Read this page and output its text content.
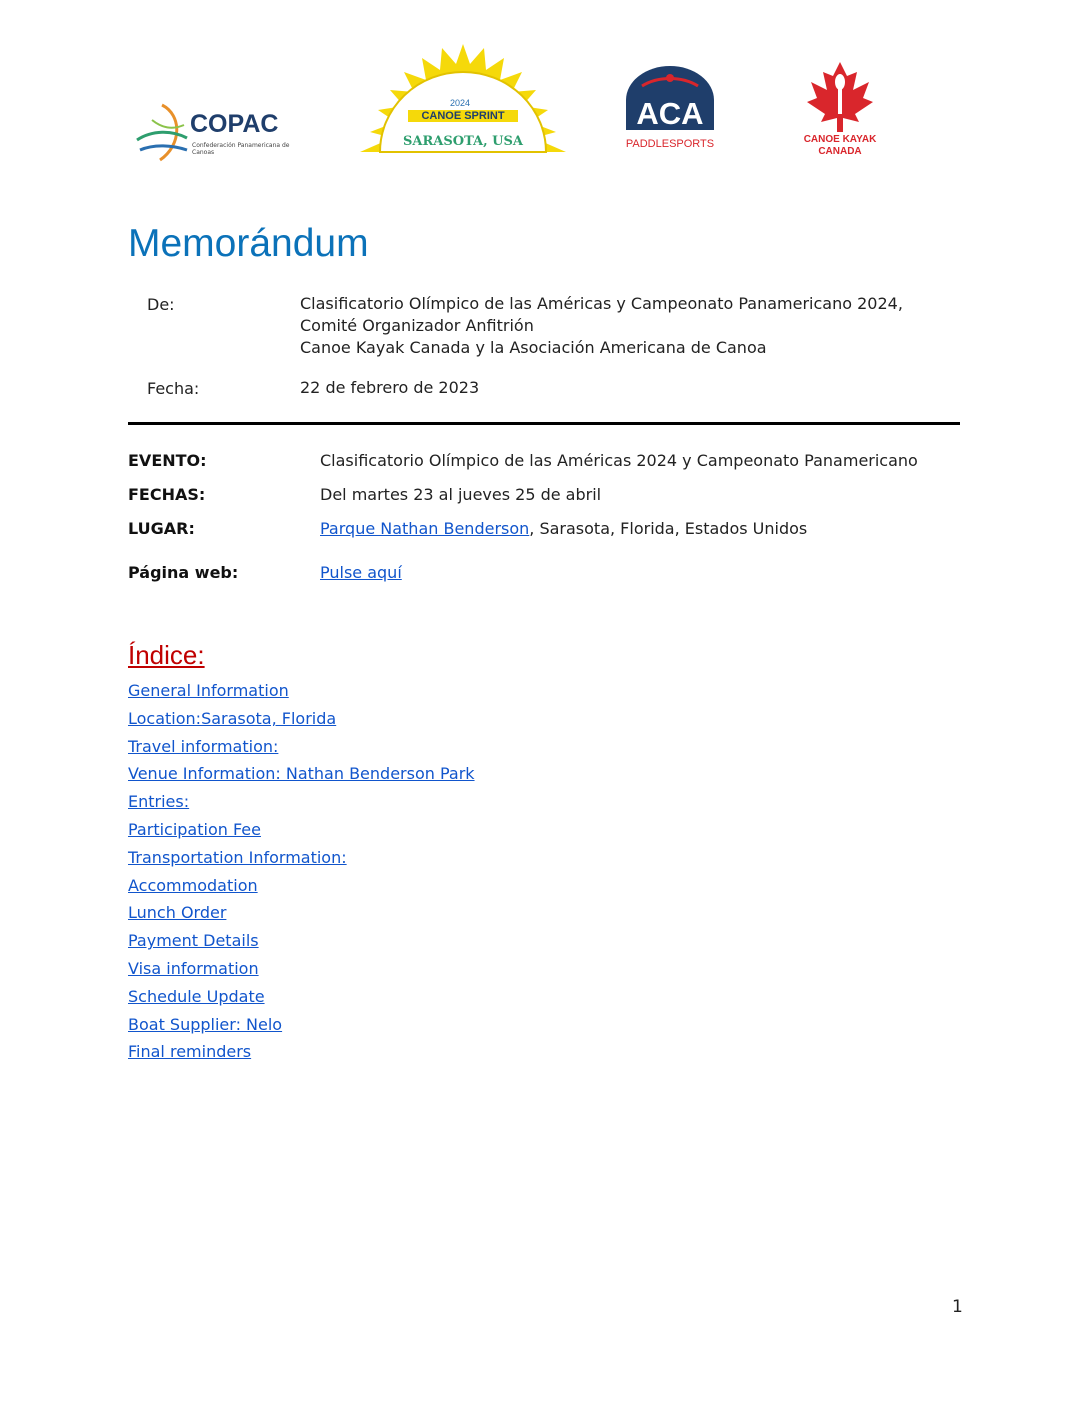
COPAC
Confederación Panamericana de Canoas
2024
CANOE SPRINT
SARASOTA, USA
ACA
PADDLESPORTS	CANOE KAYAK
CANADA
Memorándum
De:	Clasificatorio Olímpico de las Américas y Campeonato Panamericano 2024,
Comité Organizador Anfitrión
Canoe Kayak Canada y la Asociación Americana de Canoa
Fecha:	22 de febrero de 2023
EVENTO:	Clasificatorio Olímpico de las Américas 2024 y Campeonato Panamericano
FECHAS:	Del martes 23 al jueves 25 de abril
LUGAR:	Parque Nathan Benderson, Sarasota, Florida, Estados Unidos
Página web:	Pulse aquí
Índice:
General Information
Location:Sarasota, Florida
Travel information:
Venue Information: Nathan Benderson Park
Entries:
Participation Fee
Transportation Information:
Accommodation
Lunch Order
Payment Details
Visa information
Schedule Update
Boat Supplier: Nelo
Final reminders
1
